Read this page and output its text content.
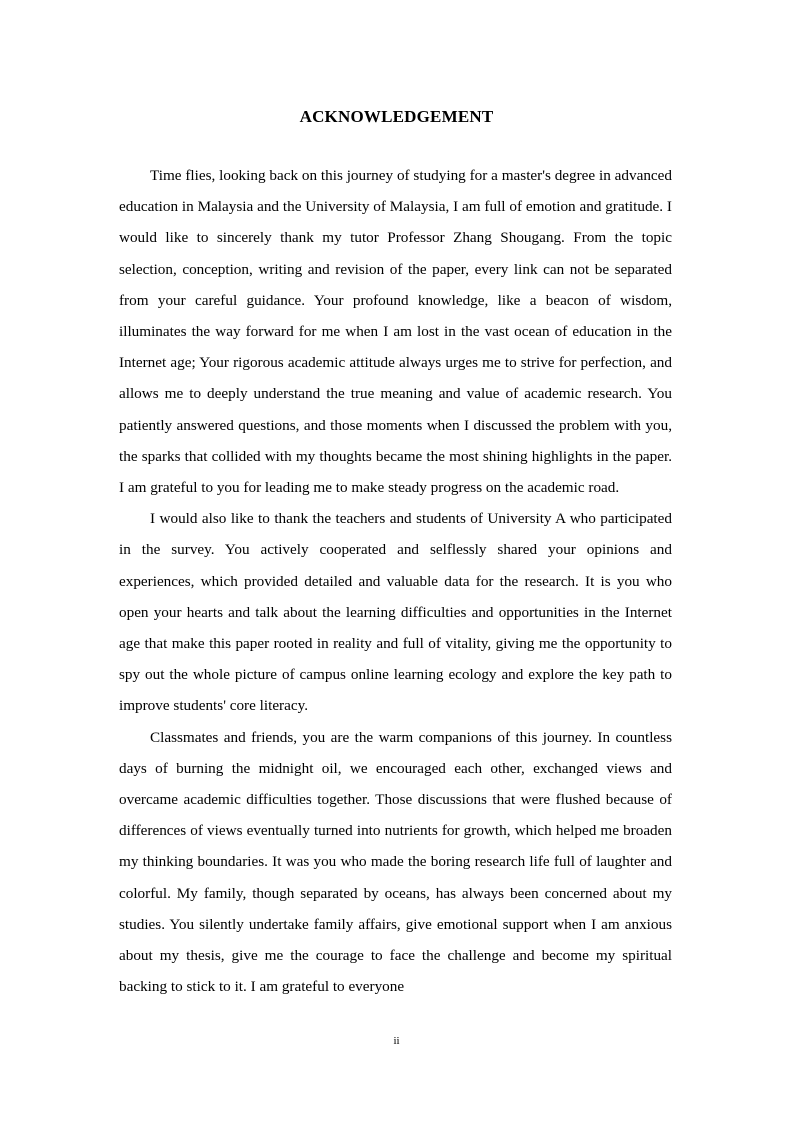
ACKNOWLEDGEMENT

Time flies, looking back on this journey of studying for a master's degree in advanced education in Malaysia and the University of Malaysia, I am full of emotion and gratitude. I would like to sincerely thank my tutor Professor Zhang Shougang. From the topic selection, conception, writing and revision of the paper, every link can not be separated from your careful guidance. Your profound knowledge, like a beacon of wisdom, illuminates the way forward for me when I am lost in the vast ocean of education in the Internet age; Your rigorous academic attitude always urges me to strive for perfection, and allows me to deeply understand the true meaning and value of academic research. You patiently answered questions, and those moments when I discussed the problem with you, the sparks that collided with my thoughts became the most shining highlights in the paper. I am grateful to you for leading me to make steady progress on the academic road.

I would also like to thank the teachers and students of University A who participated in the survey. You actively cooperated and selflessly shared your opinions and experiences, which provided detailed and valuable data for the research. It is you who open your hearts and talk about the learning difficulties and opportunities in the Internet age that make this paper rooted in reality and full of vitality, giving me the opportunity to spy out the whole picture of campus online learning ecology and explore the key path to improve students' core literacy.

Classmates and friends, you are the warm companions of this journey. In countless days of burning the midnight oil, we encouraged each other, exchanged views and overcame academic difficulties together. Those discussions that were flushed because of differences of views eventually turned into nutrients for growth, which helped me broaden my thinking boundaries. It was you who made the boring research life full of laughter and colorful. My family, though separated by oceans, has always been concerned about my studies. You silently undertake family affairs, give emotional support when I am anxious about my thesis, give me the courage to face the challenge and become my spiritual backing to stick to it. I am grateful to everyone

ii
